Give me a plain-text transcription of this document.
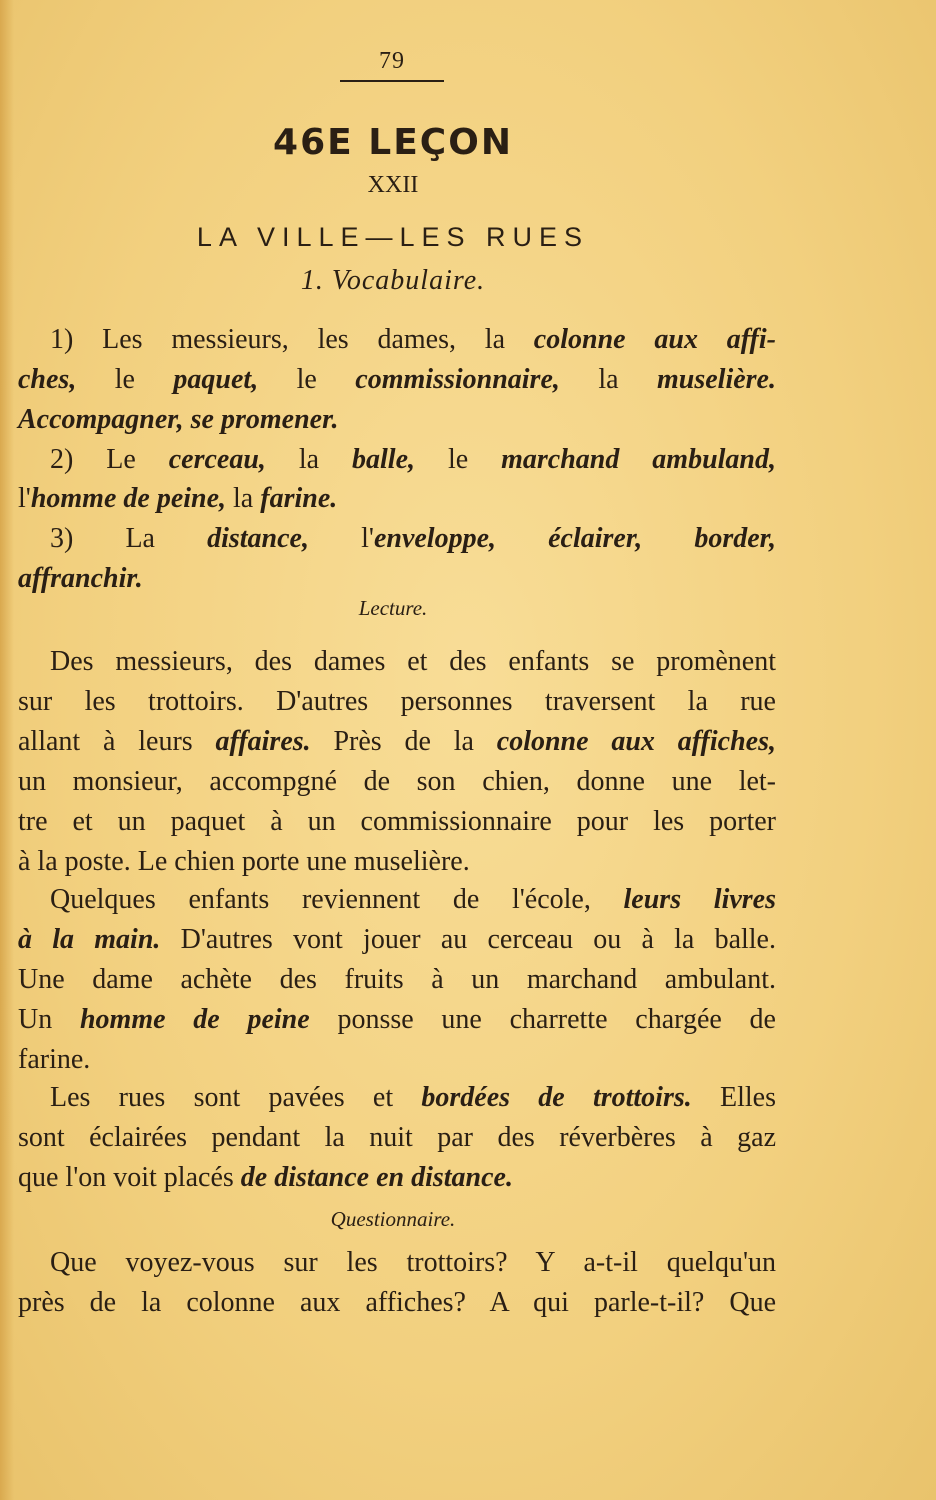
79
46E LEÇON
XXII
LA VILLE—LES RUES
1. Vocabulaire.
1) Les messieurs, les dames, la colonne aux affi-
ches, le paquet, le commissionnaire, la muselière.
Accompagner, se promener.
2) Le cerceau, la balle, le marchand ambuland,
l'homme de peine, la farine.
3) La distance, l'enveloppe, éclairer, border,
affranchir.
Lecture.
Des messieurs, des dames et des enfants se promènent
sur les trottoirs. D'autres personnes traversent la rue
allant à leurs affaires. Près de la colonne aux affiches,
un monsieur, accompgné de son chien, donne une let-
tre et un paquet à un commissionnaire pour les porter
à la poste. Le chien porte une muselière.
Quelques enfants reviennent de l'école, leurs livres
à la main. D'autres vont jouer au cerceau ou à la balle.
Une dame achète des fruits à un marchand ambulant.
Un homme de peine ponsse une charrette chargée de
farine.
Les rues sont pavées et bordées de trottoirs. Elles
sont éclairées pendant la nuit par des réverbères à gaz
que l'on voit placés de distance en distance.
Questionnaire.
Que voyez-vous sur les trottoirs? Y a-t-il quelqu'un
près de la colonne aux affiches? A qui parle-t-il? Que
